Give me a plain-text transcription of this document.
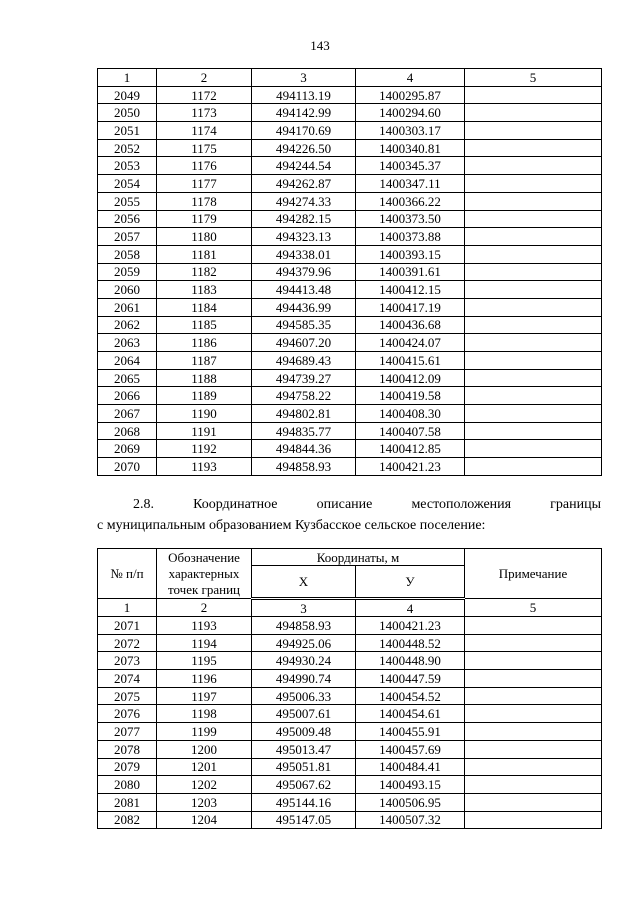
143
1	2	3	4	5
2049	1172	494113.19	1400295.87	
2050	1173	494142.99	1400294.60	
2051	1174	494170.69	1400303.17	
2052	1175	494226.50	1400340.81	
2053	1176	494244.54	1400345.37	
2054	1177	494262.87	1400347.11	
2055	1178	494274.33	1400366.22	
2056	1179	494282.15	1400373.50	
2057	1180	494323.13	1400373.88	
2058	1181	494338.01	1400393.15	
2059	1182	494379.96	1400391.61	
2060	1183	494413.48	1400412.15	
2061	1184	494436.99	1400417.19	
2062	1185	494585.35	1400436.68	
2063	1186	494607.20	1400424.07	
2064	1187	494689.43	1400415.61	
2065	1188	494739.27	1400412.09	
2066	1189	494758.22	1400419.58	
2067	1190	494802.81	1400408.30	
2068	1191	494835.77	1400407.58	
2069	1192	494844.36	1400412.85	
2070	1193	494858.93	1400421.23	
2.8.	Координатное	описание	местоположения	границы
с муниципальным образованием Кузбасское сельское поселение:
№ п/п	Обозначение характерных точек границ	Координаты, м		Примечание
		X	У	
1	2	3	4	5
2071	1193	494858.93	1400421.23	
2072	1194	494925.06	1400448.52	
2073	1195	494930.24	1400448.90	
2074	1196	494990.74	1400447.59	
2075	1197	495006.33	1400454.52	
2076	1198	495007.61	1400454.61	
2077	1199	495009.48	1400455.91	
2078	1200	495013.47	1400457.69	
2079	1201	495051.81	1400484.41	
2080	1202	495067.62	1400493.15	
2081	1203	495144.16	1400506.95	
2082	1204	495147.05	1400507.32	
